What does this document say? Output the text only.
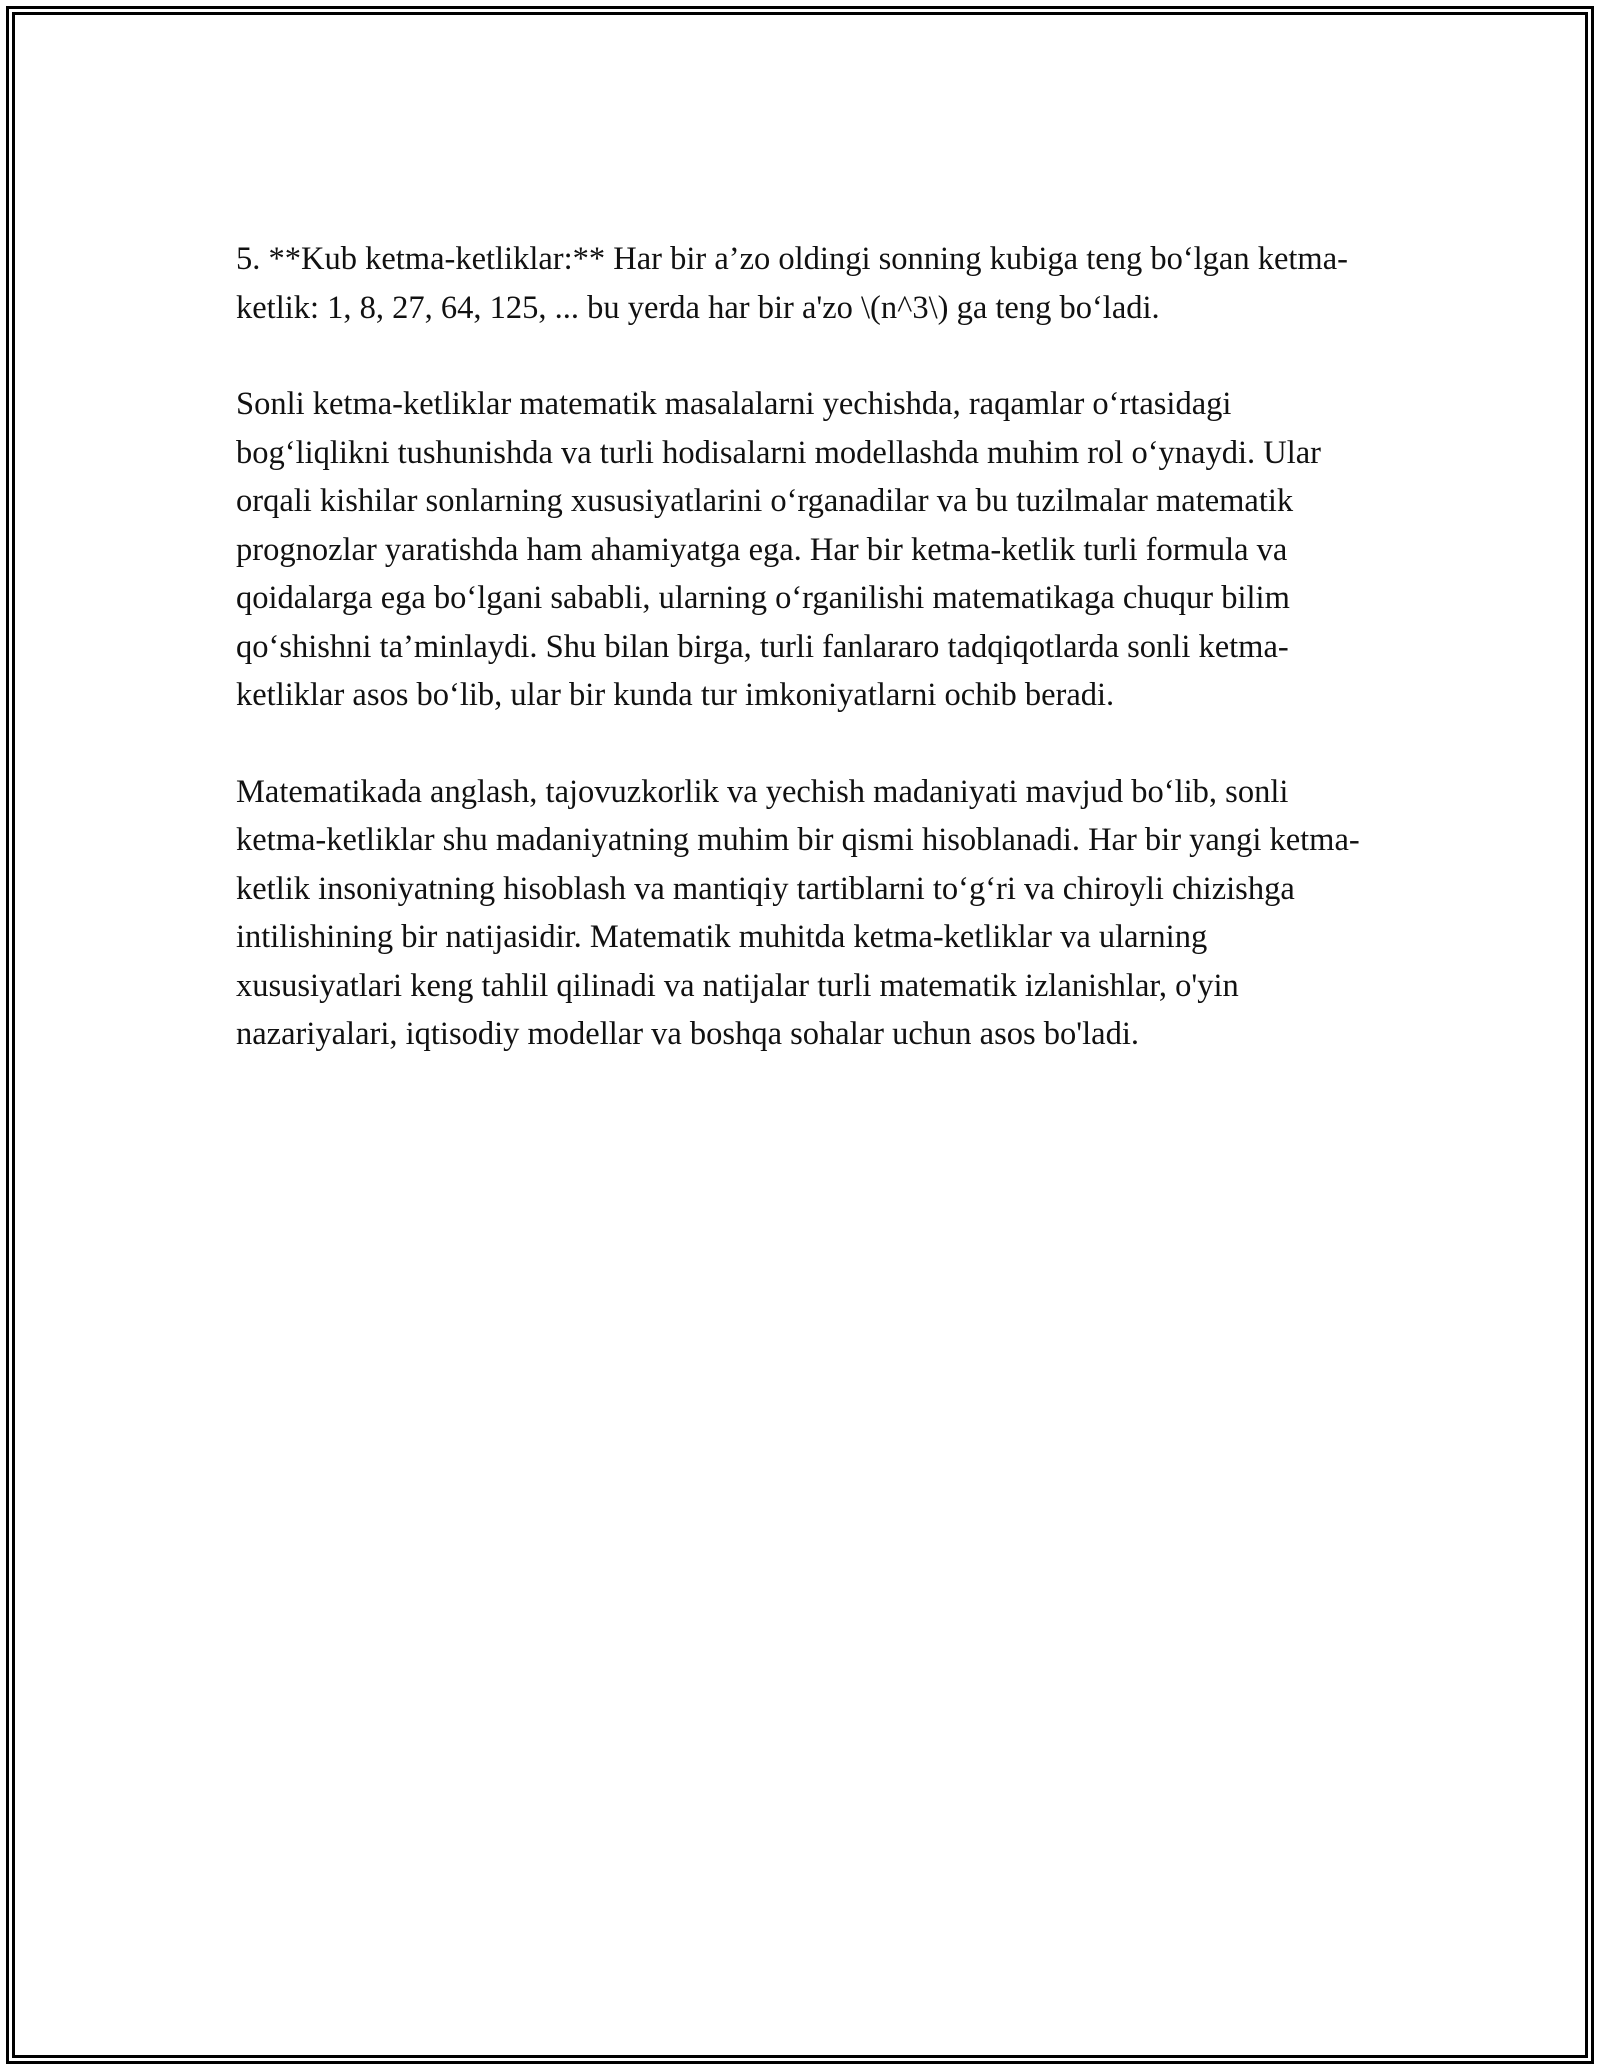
5. **Kub ketma-ketliklar:** Har bir a’zo oldingi sonning kubiga teng bo‘lgan ketma-ketlik: 1, 8, 27, 64, 125, ... bu yerda har bir a'zo \(n^3\) ga teng bo‘ladi.

Sonli ketma-ketliklar matematik masalalarni yechishda, raqamlar o‘rtasidagi bog‘liqlikni tushunishda va turli hodisalarni modellashda muhim rol o‘ynaydi. Ular orqali kishilar sonlarning xususiyatlarini o‘rganadilar va bu tuzilmalar matematik prognozlar yaratishda ham ahamiyatga ega. Har bir ketma-ketlik turli formula va qoidalarga ega bo‘lgani sababli, ularning o‘rganilishi matematikaga chuqur bilim qo‘shishni ta’minlaydi. Shu bilan birga, turli fanlararo tadqiqotlarda sonli ketma-ketliklar asos bo‘lib, ular bir kunda tur imkoniyatlarni ochib beradi.

Matematikada anglash, tajovuzkorlik va yechish madaniyati mavjud bo‘lib, sonli ketma-ketliklar shu madaniyatning muhim bir qismi hisoblanadi. Har bir yangi ketma-ketlik insoniyatning hisoblash va mantiqiy tartiblarni to‘g‘ri va chiroyli chizishga intilishining bir natijasidir. Matematik muhitda ketma-ketliklar va ularning xususiyatlari keng tahlil qilinadi va natijalar turli matematik izlanishlar, o'yin nazariyalari, iqtisodiy modellar va boshqa sohalar uchun asos bo'ladi.
